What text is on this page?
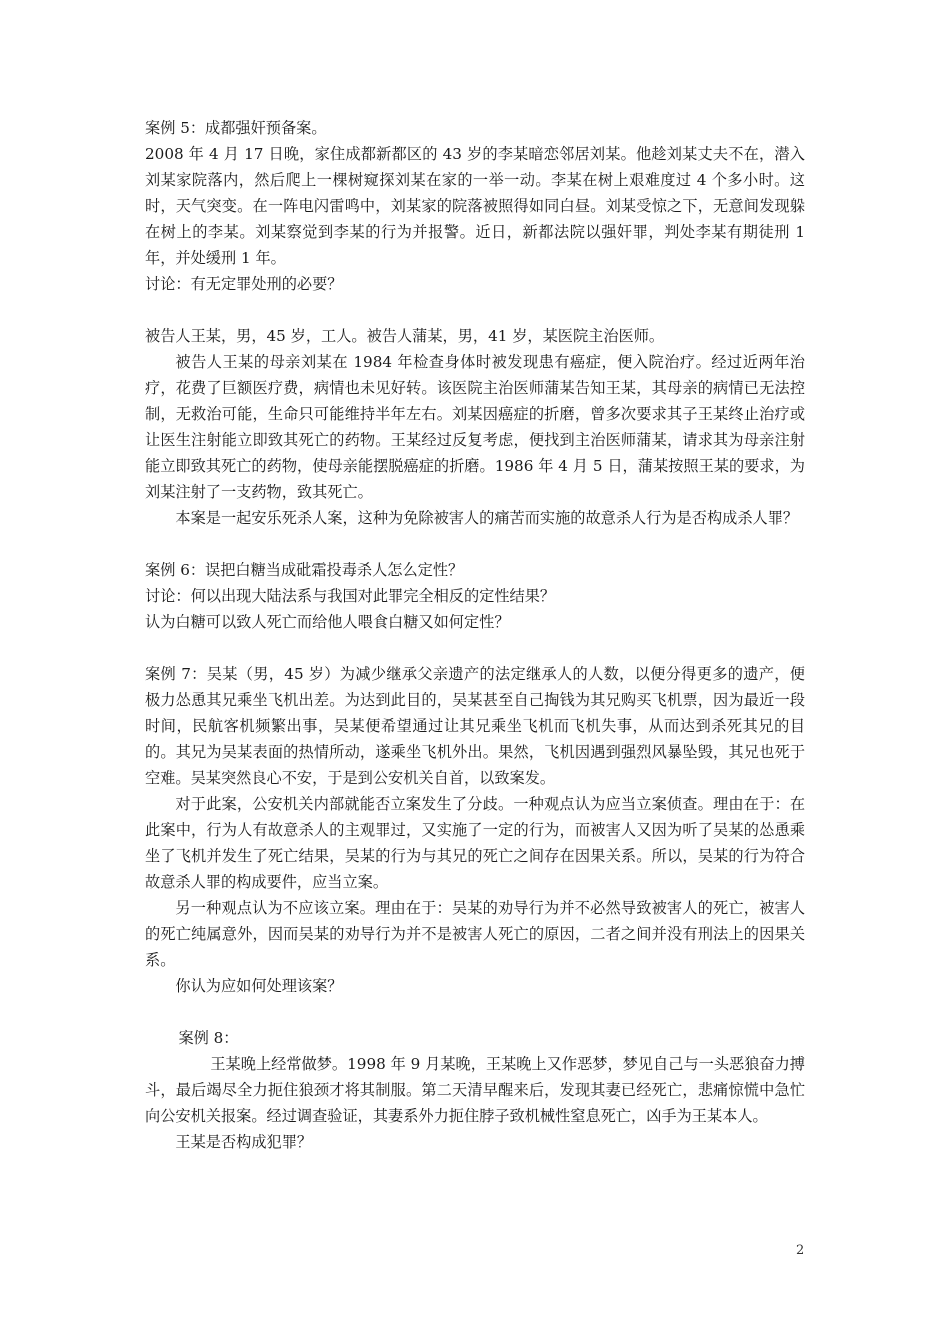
案例 5：成都强奸预备案。

2008 年 4 月 17 日晚，家住成都新都区的 43 岁的李某暗恋邻居刘某。他趁刘某丈夫不在，潜入刘某家院落内，然后爬上一棵树窥探刘某在家的一举一动。李某在树上艰难度过 4 个多小时。这时，天气突变。在一阵电闪雷鸣中，刘某家的院落被照得如同白昼。刘某受惊之下，无意间发现躲在树上的李某。刘某察觉到李某的行为并报警。近日，新都法院以强奸罪，判处李某有期徒刑 1 年，并处缓刑 1 年。

讨论：有无定罪处刑的必要？

被告人王某，男，45 岁，工人。被告人蒲某，男，41 岁，某医院主治医师。

被告人王某的母亲刘某在 1984 年检查身体时被发现患有癌症，便入院治疗。经过近两年治疗，花费了巨额医疗费，病情也未见好转。该医院主治医师蒲某告知王某，其母亲的病情已无法控制，无救治可能，生命只可能维持半年左右。刘某因癌症的折磨，曾多次要求其子王某终止治疗或让医生注射能立即致其死亡的药物。王某经过反复考虑，便找到主治医师蒲某，请求其为母亲注射能立即致其死亡的药物，使母亲能摆脱癌症的折磨。1986 年 4 月 5 日，蒲某按照王某的要求，为刘某注射了一支药物，致其死亡。

本案是一起安乐死杀人案，这种为免除被害人的痛苦而实施的故意杀人行为是否构成杀人罪？

案例 6：误把白糖当成砒霜投毒杀人怎么定性？

讨论：何以出现大陆法系与我国对此罪完全相反的定性结果？

认为白糖可以致人死亡而给他人喂食白糖又如何定性？

案例 7：吴某（男，45 岁）为减少继承父亲遗产的法定继承人的人数，以便分得更多的遗产，便极力怂恿其兄乘坐飞机出差。为达到此目的，吴某甚至自己掏钱为其兄购买飞机票，因为最近一段时间，民航客机频繁出事，吴某便希望通过让其兄乘坐飞机而飞机失事，从而达到杀死其兄的目的。其兄为吴某表面的热情所动，遂乘坐飞机外出。果然，飞机因遇到强烈风暴坠毁，其兄也死于空难。吴某突然良心不安，于是到公安机关自首，以致案发。

对于此案，公安机关内部就能否立案发生了分歧。一种观点认为应当立案侦查。理由在于：在此案中，行为人有故意杀人的主观罪过，又实施了一定的行为，而被害人又因为听了吴某的怂恿乘坐了飞机并发生了死亡结果，吴某的行为与其兄的死亡之间存在因果关系。所以，吴某的行为符合故意杀人罪的构成要件，应当立案。

另一种观点认为不应该立案。理由在于：吴某的劝导行为并不必然导致被害人的死亡，被害人的死亡纯属意外，因而吴某的劝导行为并不是被害人死亡的原因，二者之间并没有刑法上的因果关系。

你认为应如何处理该案？

案例 8：

王某晚上经常做梦。1998 年 9 月某晚，王某晚上又作恶梦，梦见自己与一头恶狼奋力搏斗，最后竭尽全力扼住狼颈才将其制服。第二天清早醒来后，发现其妻已经死亡，悲痛惊慌中急忙向公安机关报案。经过调查验证，其妻系外力扼住脖子致机械性窒息死亡，凶手为王某本人。

王某是否构成犯罪？

2
